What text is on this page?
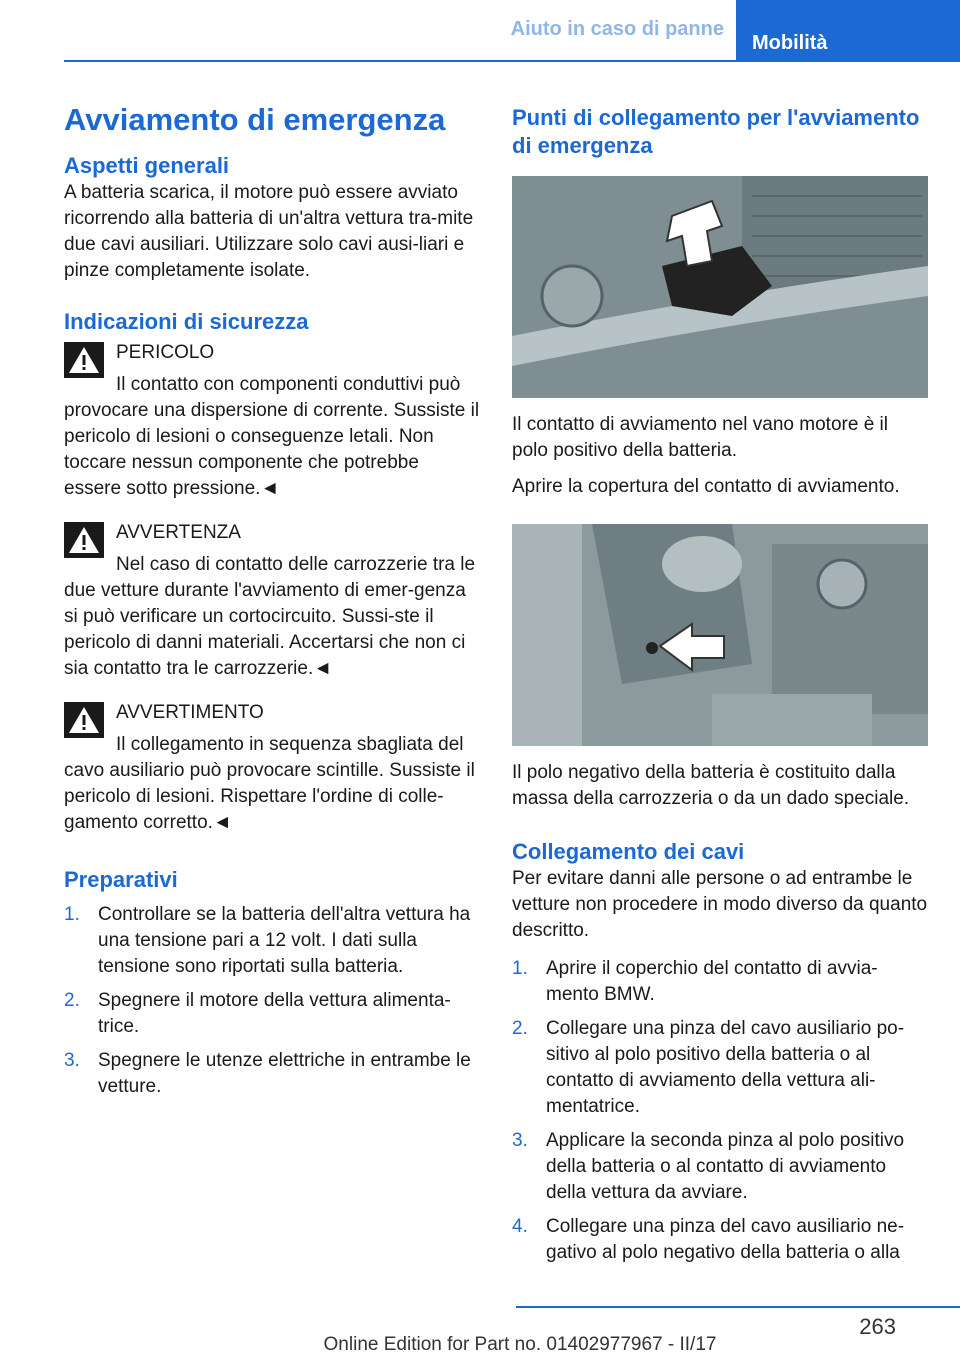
Aiuto in caso di panne
Mobilità
Avviamento di emergenza
Aspetti generali

A batteria scarica, il motore può essere avviato ricorrendo alla batteria di un'altra vettura tra-mite due cavi ausiliari. Utilizzare solo cavi ausi-liari e pinze completamente isolate.

Indicazioni di sicurezza
PERICOLO
Il contatto con componenti conduttivi può provocare una dispersione di corrente. Sussiste il pericolo di lesioni o conseguenze letali. Non toccare nessun componente che potrebbe essere sotto pressione.◄
AVVERTENZA
Nel caso di contatto delle carrozzerie tra le due vetture durante l'avviamento di emer-genza si può verificare un cortocircuito. Sussi-ste il pericolo di danni materiali. Accertarsi che non ci sia contatto tra le carrozzerie.◄
AVVERTIMENTO
Il collegamento in sequenza sbagliata del cavo ausiliario può provocare scintille. Sussiste il pericolo di lesioni. Rispettare l'ordine di colle-gamento corretto.◄
Preparativi
1. Controllare se la batteria dell'altra vettura ha una tensione pari a 12 volt. I dati sulla tensione sono riportati sulla batteria.
2. Spegnere il motore della vettura alimenta-trice.
3. Spegnere le utenze elettriche in entrambe le vetture.
Punti di collegamento per l'avviamento di emergenza

Il contatto di avviamento nel vano motore è il polo positivo della batteria.

Aprire la copertura del contatto di avviamento.

Il polo negativo della batteria è costituito dalla massa della carrozzeria o da un dado speciale.

Collegamento dei cavi

Per evitare danni alle persone o ad entrambe le vetture non procedere in modo diverso da quanto descritto.

1. Aprire il coperchio del contatto di avvia-mento BMW.
2. Collegare una pinza del cavo ausiliario po-sitivo al polo positivo della batteria o al contatto di avviamento della vettura ali-mentatrice.
3. Applicare la seconda pinza al polo positivo della batteria o al contatto di avviamento della vettura da avviare.
4. Collegare una pinza del cavo ausiliario ne-gativo al polo negativo della batteria o alla
263
Online Edition for Part no. 01402977967 - II/17
